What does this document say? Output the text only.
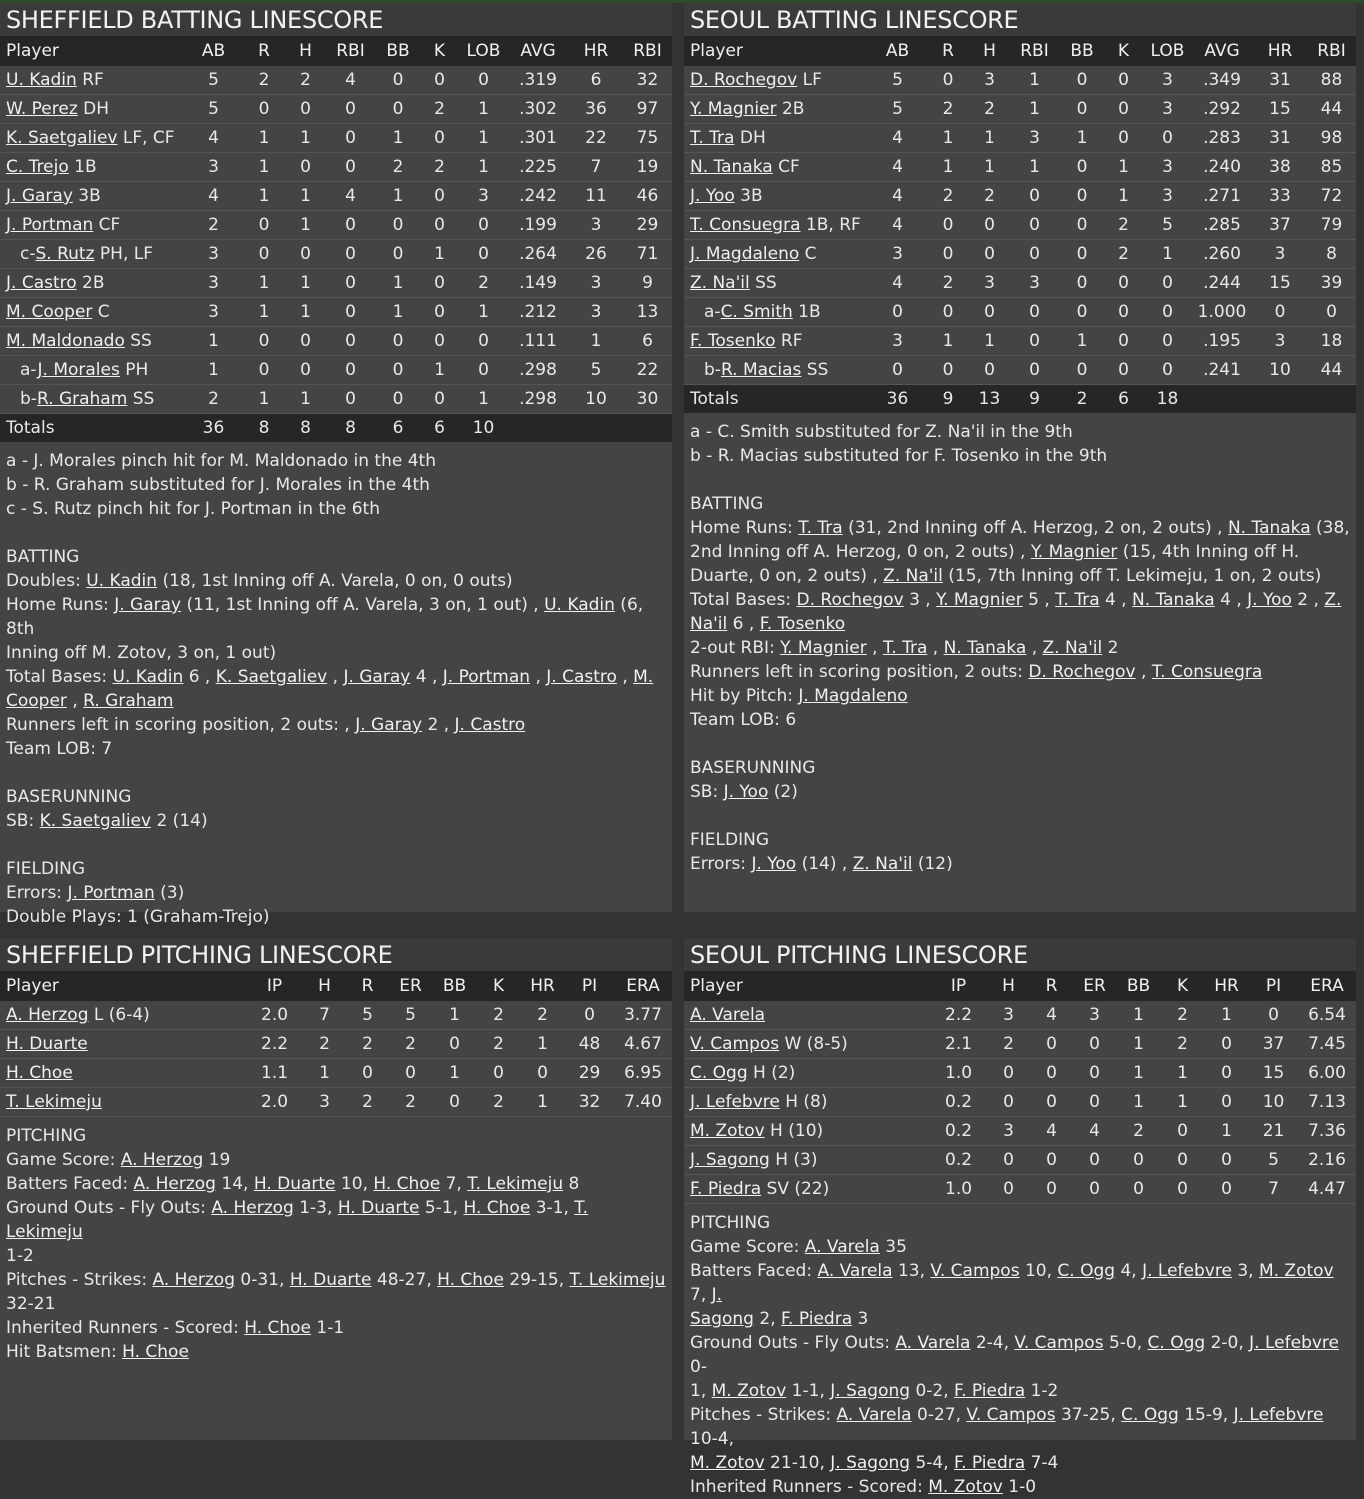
SHEFFIELD BATTING LINESCORE
Player	AB	R	H	RBI	BB	K	LOB	AVG	HR	RBI
U. Kadin RF	5	2	2	4	0	0	0	.319	6	32
W. Perez DH	5	0	0	0	0	2	1	.302	36	97
K. Saetgaliev LF, CF	4	1	1	0	1	0	1	.301	22	75
C. Trejo 1B	3	1	0	0	2	2	1	.225	7	19
J. Garay 3B	4	1	1	4	1	0	3	.242	11	46
J. Portman CF	2	0	1	0	0	0	0	.199	3	29
c-S. Rutz PH, LF	3	0	0	0	0	1	0	.264	26	71
J. Castro 2B	3	1	1	0	1	0	2	.149	3	9
M. Cooper C	3	1	1	0	1	0	1	.212	3	13
M. Maldonado SS	1	0	0	0	0	0	0	.111	1	6
a-J. Morales PH	1	0	0	0	0	1	0	.298	5	22
b-R. Graham SS	2	1	1	0	0	0	1	.298	10	30
Totals	36	8	8	8	6	6	10			
a - J. Morales pinch hit for M. Maldonado in the 4th
b - R. Graham substituted for J. Morales in the 4th
c - S. Rutz pinch hit for J. Portman in the 6th
BATTING
Doubles: U. Kadin (18, 1st Inning off A. Varela, 0 on, 0 outs)
Home Runs: J. Garay (11, 1st Inning off A. Varela, 3 on, 1 out) , U. Kadin (6, 8th
Inning off M. Zotov, 3 on, 1 out)
Total Bases: U. Kadin 6 , K. Saetgaliev , J. Garay 4 , J. Portman , J. Castro , M.
Cooper , R. Graham
Runners left in scoring position, 2 outs: , J. Garay 2 , J. Castro
Team LOB: 7
BASERUNNING
SB: K. Saetgaliev 2 (14)
FIELDING
Errors: J. Portman (3)
Double Plays: 1 (Graham-Trejo)
SEOUL BATTING LINESCORE
Player	AB	R	H	RBI	BB	K	LOB	AVG	HR	RBI
D. Rochegov LF	5	0	3	1	0	0	3	.349	31	88
Y. Magnier 2B	5	2	2	1	0	0	3	.292	15	44
T. Tra DH	4	1	1	3	1	0	0	.283	31	98
N. Tanaka CF	4	1	1	1	0	1	3	.240	38	85
J. Yoo 3B	4	2	2	0	0	1	3	.271	33	72
T. Consuegra 1B, RF	4	0	0	0	0	2	5	.285	37	79
J. Magdaleno C	3	0	0	0	0	2	1	.260	3	8
Z. Na'il SS	4	2	3	3	0	0	0	.244	15	39
a-C. Smith 1B	0	0	0	0	0	0	0	1.000	0	0
F. Tosenko RF	3	1	1	0	1	0	0	.195	3	18
b-R. Macias SS	0	0	0	0	0	0	0	.241	10	44
Totals	36	9	13	9	2	6	18			
a - C. Smith substituted for Z. Na'il in the 9th
b - R. Macias substituted for F. Tosenko in the 9th
BATTING
Home Runs: T. Tra (31, 2nd Inning off A. Herzog, 2 on, 2 outs) , N. Tanaka (38,
2nd Inning off A. Herzog, 0 on, 2 outs) , Y. Magnier (15, 4th Inning off H.
Duarte, 0 on, 2 outs) , Z. Na'il (15, 7th Inning off T. Lekimeju, 1 on, 2 outs)
Total Bases: D. Rochegov 3 , Y. Magnier 5 , T. Tra 4 , N. Tanaka 4 , J. Yoo 2 , Z.
Na'il 6 , F. Tosenko
2-out RBI: Y. Magnier , T. Tra , N. Tanaka , Z. Na'il 2
Runners left in scoring position, 2 outs: D. Rochegov , T. Consuegra
Hit by Pitch: J. Magdaleno
Team LOB: 6
BASERUNNING
SB: J. Yoo (2)
FIELDING
Errors: J. Yoo (14) , Z. Na'il (12)
SHEFFIELD PITCHING LINESCORE
Player	IP	H	R	ER	BB	K	HR	PI	ERA
A. Herzog L (6-4)	2.0	7	5	5	1	2	2	0	3.77
H. Duarte	2.2	2	2	2	0	2	1	48	4.67
H. Choe	1.1	1	0	0	1	0	0	29	6.95
T. Lekimeju	2.0	3	2	2	0	2	1	32	7.40
PITCHING
Game Score: A. Herzog 19
Batters Faced: A. Herzog 14, H. Duarte 10, H. Choe 7, T. Lekimeju 8
Ground Outs - Fly Outs: A. Herzog 1-3, H. Duarte 5-1, H. Choe 3-1, T. Lekimeju
1-2
Pitches - Strikes: A. Herzog 0-31, H. Duarte 48-27, H. Choe 29-15, T. Lekimeju
32-21
Inherited Runners - Scored: H. Choe 1-1
Hit Batsmen: H. Choe
SEOUL PITCHING LINESCORE
Player	IP	H	R	ER	BB	K	HR	PI	ERA
A. Varela	2.2	3	4	3	1	2	1	0	6.54
V. Campos W (8-5)	2.1	2	0	0	1	2	0	37	7.45
C. Ogg H (2)	1.0	0	0	0	1	1	0	15	6.00
J. Lefebvre H (8)	0.2	0	0	0	1	1	0	10	7.13
M. Zotov H (10)	0.2	3	4	4	2	0	1	21	7.36
J. Sagong H (3)	0.2	0	0	0	0	0	0	5	2.16
F. Piedra SV (22)	1.0	0	0	0	0	0	0	7	4.47
PITCHING
Game Score: A. Varela 35
Batters Faced: A. Varela 13, V. Campos 10, C. Ogg 4, J. Lefebvre 3, M. Zotov 7, J.
Sagong 2, F. Piedra 3
Ground Outs - Fly Outs: A. Varela 2-4, V. Campos 5-0, C. Ogg 2-0, J. Lefebvre 0-
1, M. Zotov 1-1, J. Sagong 0-2, F. Piedra 1-2
Pitches - Strikes: A. Varela 0-27, V. Campos 37-25, C. Ogg 15-9, J. Lefebvre 10-4,
M. Zotov 21-10, J. Sagong 5-4, F. Piedra 7-4
Inherited Runners - Scored: M. Zotov 1-0
